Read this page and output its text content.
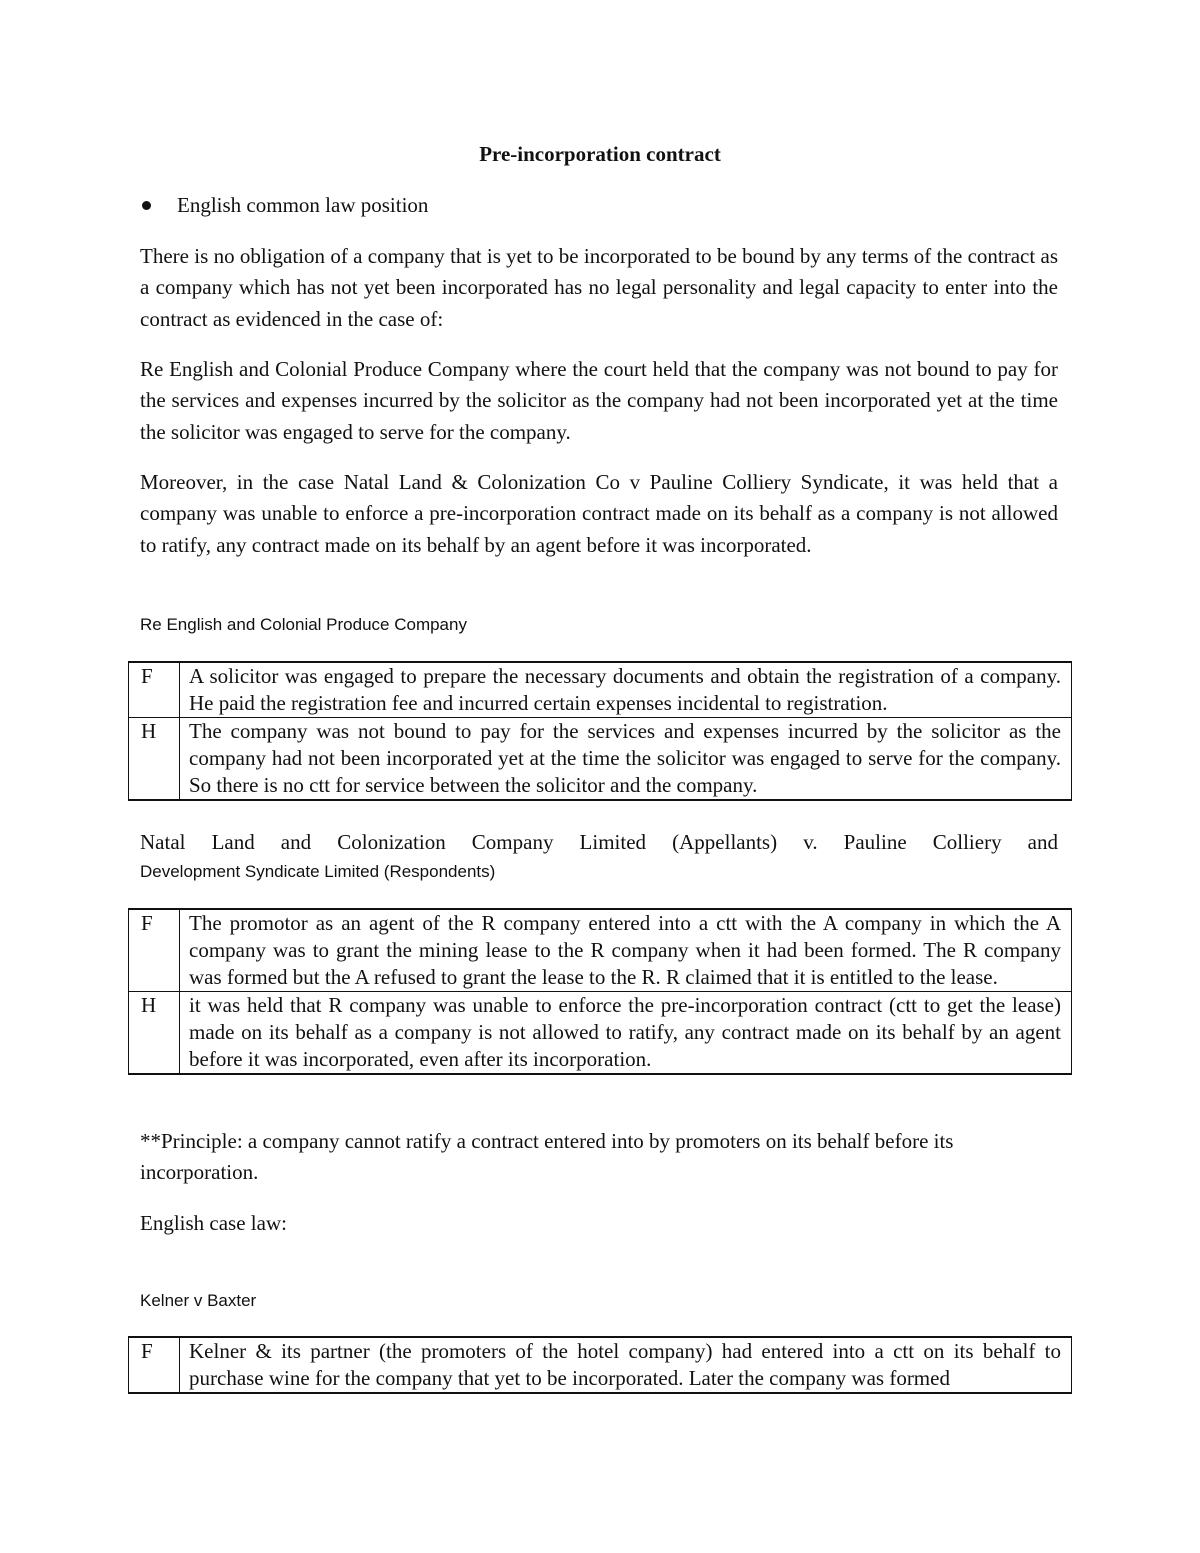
Pre-incorporation contract
English common law position

There is no obligation of a company that is yet to be incorporated to be bound by any terms of the contract as a company which has not yet been incorporated has no legal personality and legal capacity to enter into the contract as evidenced in the case of:

Re English and Colonial Produce Company where the court held that the company was not bound to pay for the services and expenses incurred by the solicitor as the company had not been incorporated yet at the time the solicitor was engaged to serve for the company.

Moreover, in the case Natal Land & Colonization Co v Pauline Colliery Syndicate, it was held that a company was unable to enforce a pre-incorporation contract made on its behalf as a company is not allowed to ratify, any contract made on its behalf by an agent before it was incorporated.

Re English and Colonial Produce Company

F	A solicitor was engaged to prepare the necessary documents and obtain the registration of a company. He paid the registration fee and incurred certain expenses incidental to registration.
H	The company was not bound to pay for the services and expenses incurred by the solicitor as the company had not been incorporated yet at the time the solicitor was engaged to serve for the company. So there is no ctt for service between the solicitor and the company.
Natal Land and Colonization Company Limited (Appellants) v. Pauline Colliery and
Development Syndicate Limited (Respondents)
F	The promotor as an agent of the R company entered into a ctt with the A company in which the A company was to grant the mining lease to the R company when it had been formed. The R company was formed but the A refused to grant the lease to the R. R claimed that it is entitled to the lease.
H	it was held that R company was unable to enforce the pre-incorporation contract (ctt to get the lease) made on its behalf as a company is not allowed to ratify, any contract made on its behalf by an agent before it was incorporated, even after its incorporation.

**Principle: a company cannot ratify a contract entered into by promoters on its behalf before its incorporation.

English case law:

Kelner v Baxter

F	Kelner & its partner (the promoters of the hotel company) had entered into a ctt on its behalf to purchase wine for the company that yet to be incorporated. Later the company was formed
